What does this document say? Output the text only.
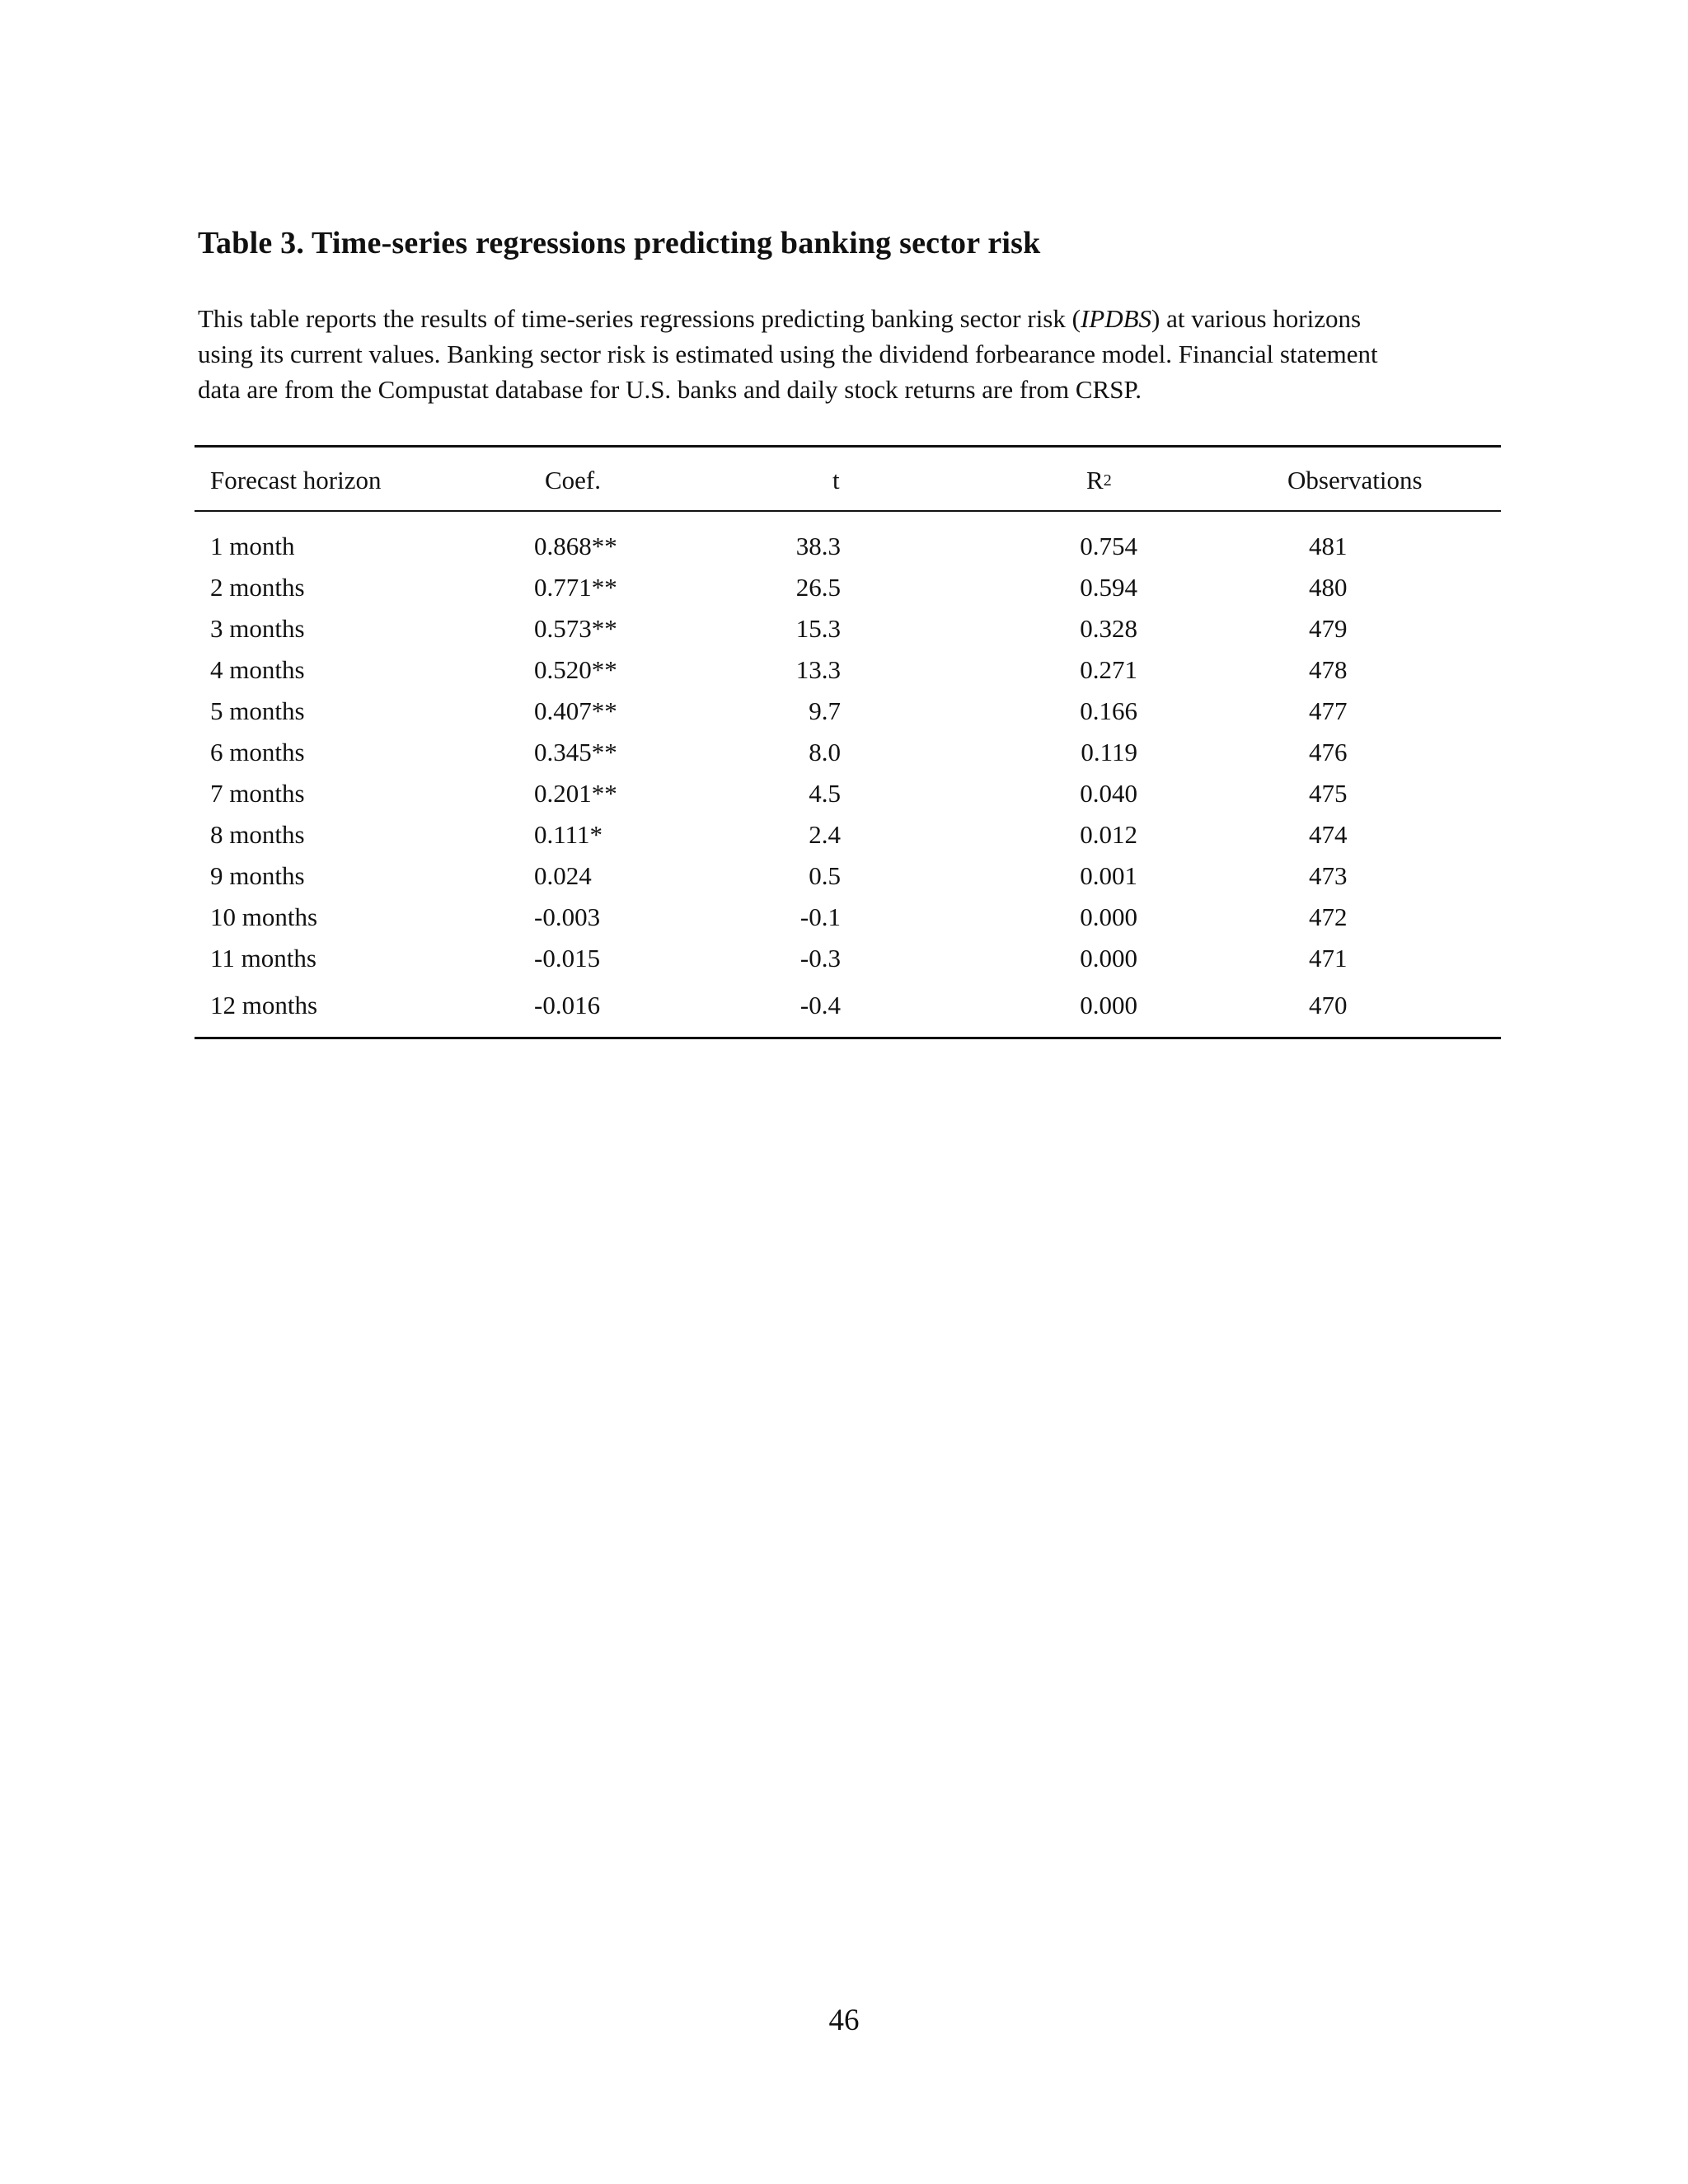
Table 3. Time-series regressions predicting banking sector risk

This table reports the results of time-series regressions predicting banking sector risk (IPDBS) at various horizons
using its current values. Banking sector risk is estimated using the dividend forbearance model. Financial statement
data are from the Compustat database for U.S. banks and daily stock returns are from CRSP.

Forecast horizon	Coef.	t	$R^2$	Observations
1 month	0.868**	38.3	0.754	481
2 months	0.771**	26.5	0.594	480
3 months	0.573**	15.3	0.328	479
4 months	0.520**	13.3	0.271	478
5 months	0.407**	9.7	0.166	477
6 months	0.345**	8.0	0.119	476
7 months	0.201**	4.5	0.040	475
8 months	0.111*	2.4	0.012	474
9 months	0.024	0.5	0.001	473
10 months	-0.003	-0.1	0.000	472
11 months	-0.015	-0.3	0.000	471
12 months	-0.016	-0.4	0.000	470
46
